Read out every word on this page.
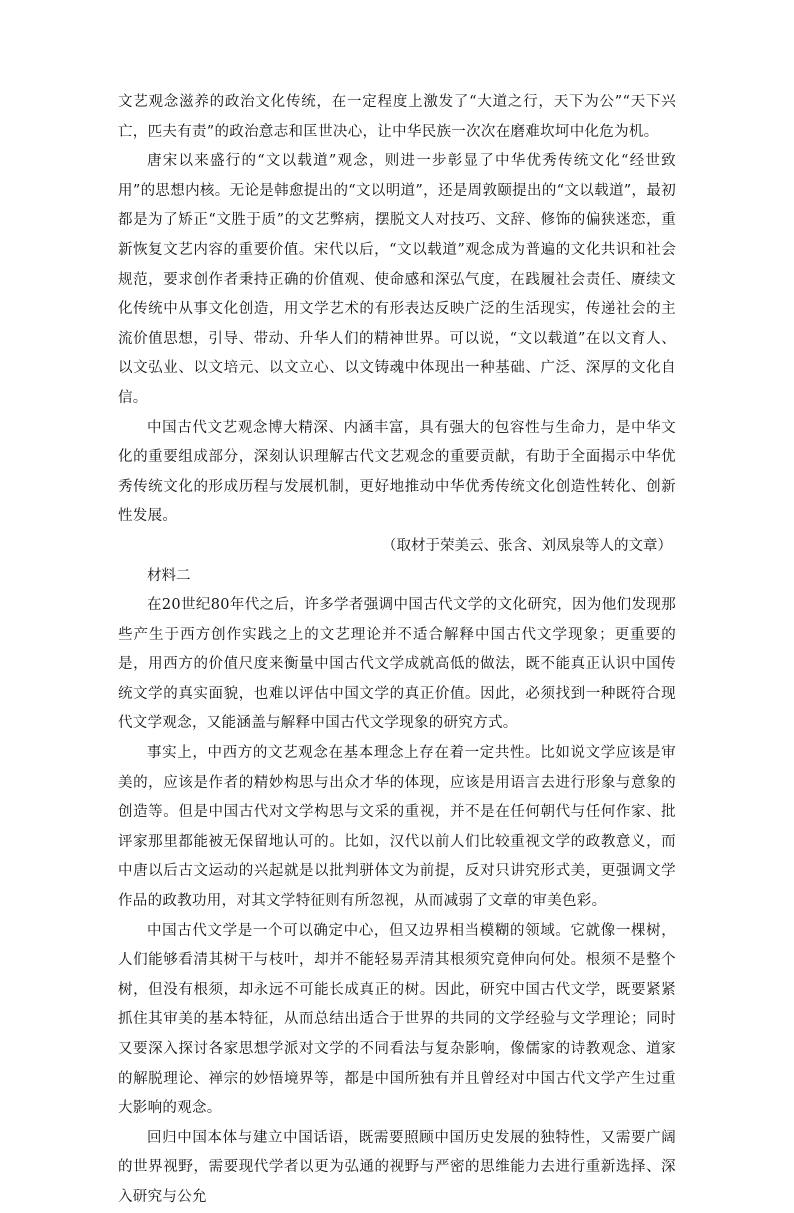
文艺观念滋养的政治文化传统，在一定程度上激发了“大道之行，天下为公”“天下兴亡，匹夫有责”的政治意志和匡世决心，让中华民族一次次在磨难坎坷中化危为机。

唐宋以来盛行的“文以载道”观念，则进一步彰显了中华优秀传统文化“经世致用”的思想内核。无论是韩愈提出的“文以明道”，还是周敦颐提出的“文以载道”，最初都是为了矫正“文胜于质”的文艺弊病，摆脱文人对技巧、文辞、修饰的偏狭迷恋，重新恢复文艺内容的重要价值。宋代以后，“文以载道”观念成为普遍的文化共识和社会规范，要求创作者秉持正确的价值观、使命感和深弘气度，在践履社会责任、赓续文化传统中从事文化创造，用文学艺术的有形表达反映广泛的生活现实，传递社会的主流价值思想，引导、带动、升华人们的精神世界。可以说，“文以载道”在以文育人、以文弘业、以文培元、以文立心、以文铸魂中体现出一种基础、广泛、深厚的文化自信。

中国古代文艺观念博大精深、内涵丰富，具有强大的包容性与生命力，是中华文化的重要组成部分，深刻认识理解古代文艺观念的重要贡献，有助于全面揭示中华优秀传统文化的形成历程与发展机制，更好地推动中华优秀传统文化创造性转化、创新性发展。

（取材于荣美云、张含、刘凤泉等人的文章）

材料二

在20世纪80年代之后，许多学者强调中国古代文学的文化研究，因为他们发现那些产生于西方创作实践之上的文艺理论并不适合解释中国古代文学现象；更重要的是，用西方的价值尺度来衡量中国古代文学成就高低的做法，既不能真正认识中国传统文学的真实面貌，也难以评估中国文学的真正价值。因此，必须找到一种既符合现代文学观念，又能涵盖与解释中国古代文学现象的研究方式。

事实上，中西方的文艺观念在基本理念上存在着一定共性。比如说文学应该是审美的，应该是作者的精妙构思与出众才华的体现，应该是用语言去进行形象与意象的创造等。但是中国古代对文学构思与文采的重视，并不是在任何朝代与任何作家、批评家那里都能被无保留地认可的。比如，汉代以前人们比较重视文学的政教意义，而中唐以后古文运动的兴起就是以批判骈体文为前提，反对只讲究形式美，更强调文学作品的政教功用，对其文学特征则有所忽视，从而减弱了文章的审美色彩。

中国古代文学是一个可以确定中心，但又边界相当模糊的领域。它就像一棵树，人们能够看清其树干与枝叶，却并不能轻易弄清其根须究竟伸向何处。根须不是整个树，但没有根须，却永远不可能长成真正的树。因此，研究中国古代文学，既要紧紧抓住其审美的基本特征，从而总结出适合于世界的共同的文学经验与文学理论；同时又要深入探讨各家思想学派对文学的不同看法与复杂影响，像儒家的诗教观念、道家的解脱理论、禅宗的妙悟境界等，都是中国所独有并且曾经对中国古代文学产生过重大影响的观念。

回归中国本体与建立中国话语，既需要照顾中国历史发展的独特性，又需要广阔的世界视野，需要现代学者以更为弘通的视野与严密的思维能力去进行重新选择、深入研究与公允
